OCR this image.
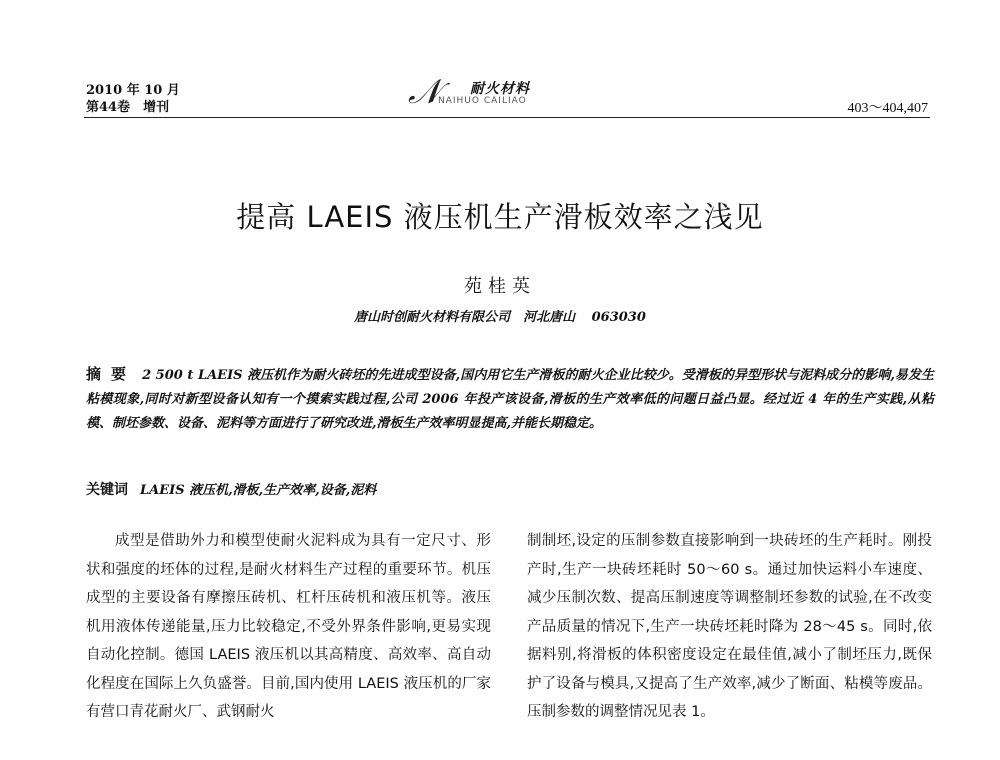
2010 年 10 月
第44卷　增刊	𝒩 耐火材料
NAIHUO CAILIAO	403～404,407
提高 LAEIS 液压机生产滑板效率之浅见
苑桂英
唐山时创耐火材料有限公司　河北唐山 063030
摘要 2 500 t LAEIS 液压机作为耐火砖坯的先进成型设备,国内用它生产滑板的耐火企业比较少。受滑板的异型形状与泥料成分的影响,易发生粘模现象,同时对新型设备认知有一个摸索实践过程,公司 2006 年投产该设备,滑板的生产效率低的问题日益凸显。经过近 4 年的生产实践,从粘模、制坯参数、设备、泥料等方面进行了研究改进,滑板生产效率明显提高,并能长期稳定。
关键词 LAEIS 液压机,滑板,生产效率,设备,泥料
成型是借助外力和模型使耐火泥料成为具有一定尺寸、形状和强度的坯体的过程,是耐火材料生产过程的重要环节。机压成型的主要设备有摩擦压砖机、杠杆压砖机和液压机等。液压机用液体传递能量,压力比较稳定,不受外界条件影响,更易实现自动化控制。德国 LAEIS 液压机以其高精度、高效率、高自动化程度在国际上久负盛誉。目前,国内使用 LAEIS 液压机的厂家有营口青花耐火厂、武钢耐火
制制坯,设定的压制参数直接影响到一块砖坯的生产耗时。刚投产时,生产一块砖坯耗时 50～60 s。通过加快运料小车速度、减少压制次数、提高压制速度等调整制坯参数的试验,在不改变产品质量的情况下,生产一块砖坯耗时降为 28～45 s。同时,依据料别,将滑板的体积密度设定在最佳值,减小了制坯压力,既保护了设备与模具,又提高了生产效率,减少了断面、粘模等废品。压制参数的调整情况见表 1。
